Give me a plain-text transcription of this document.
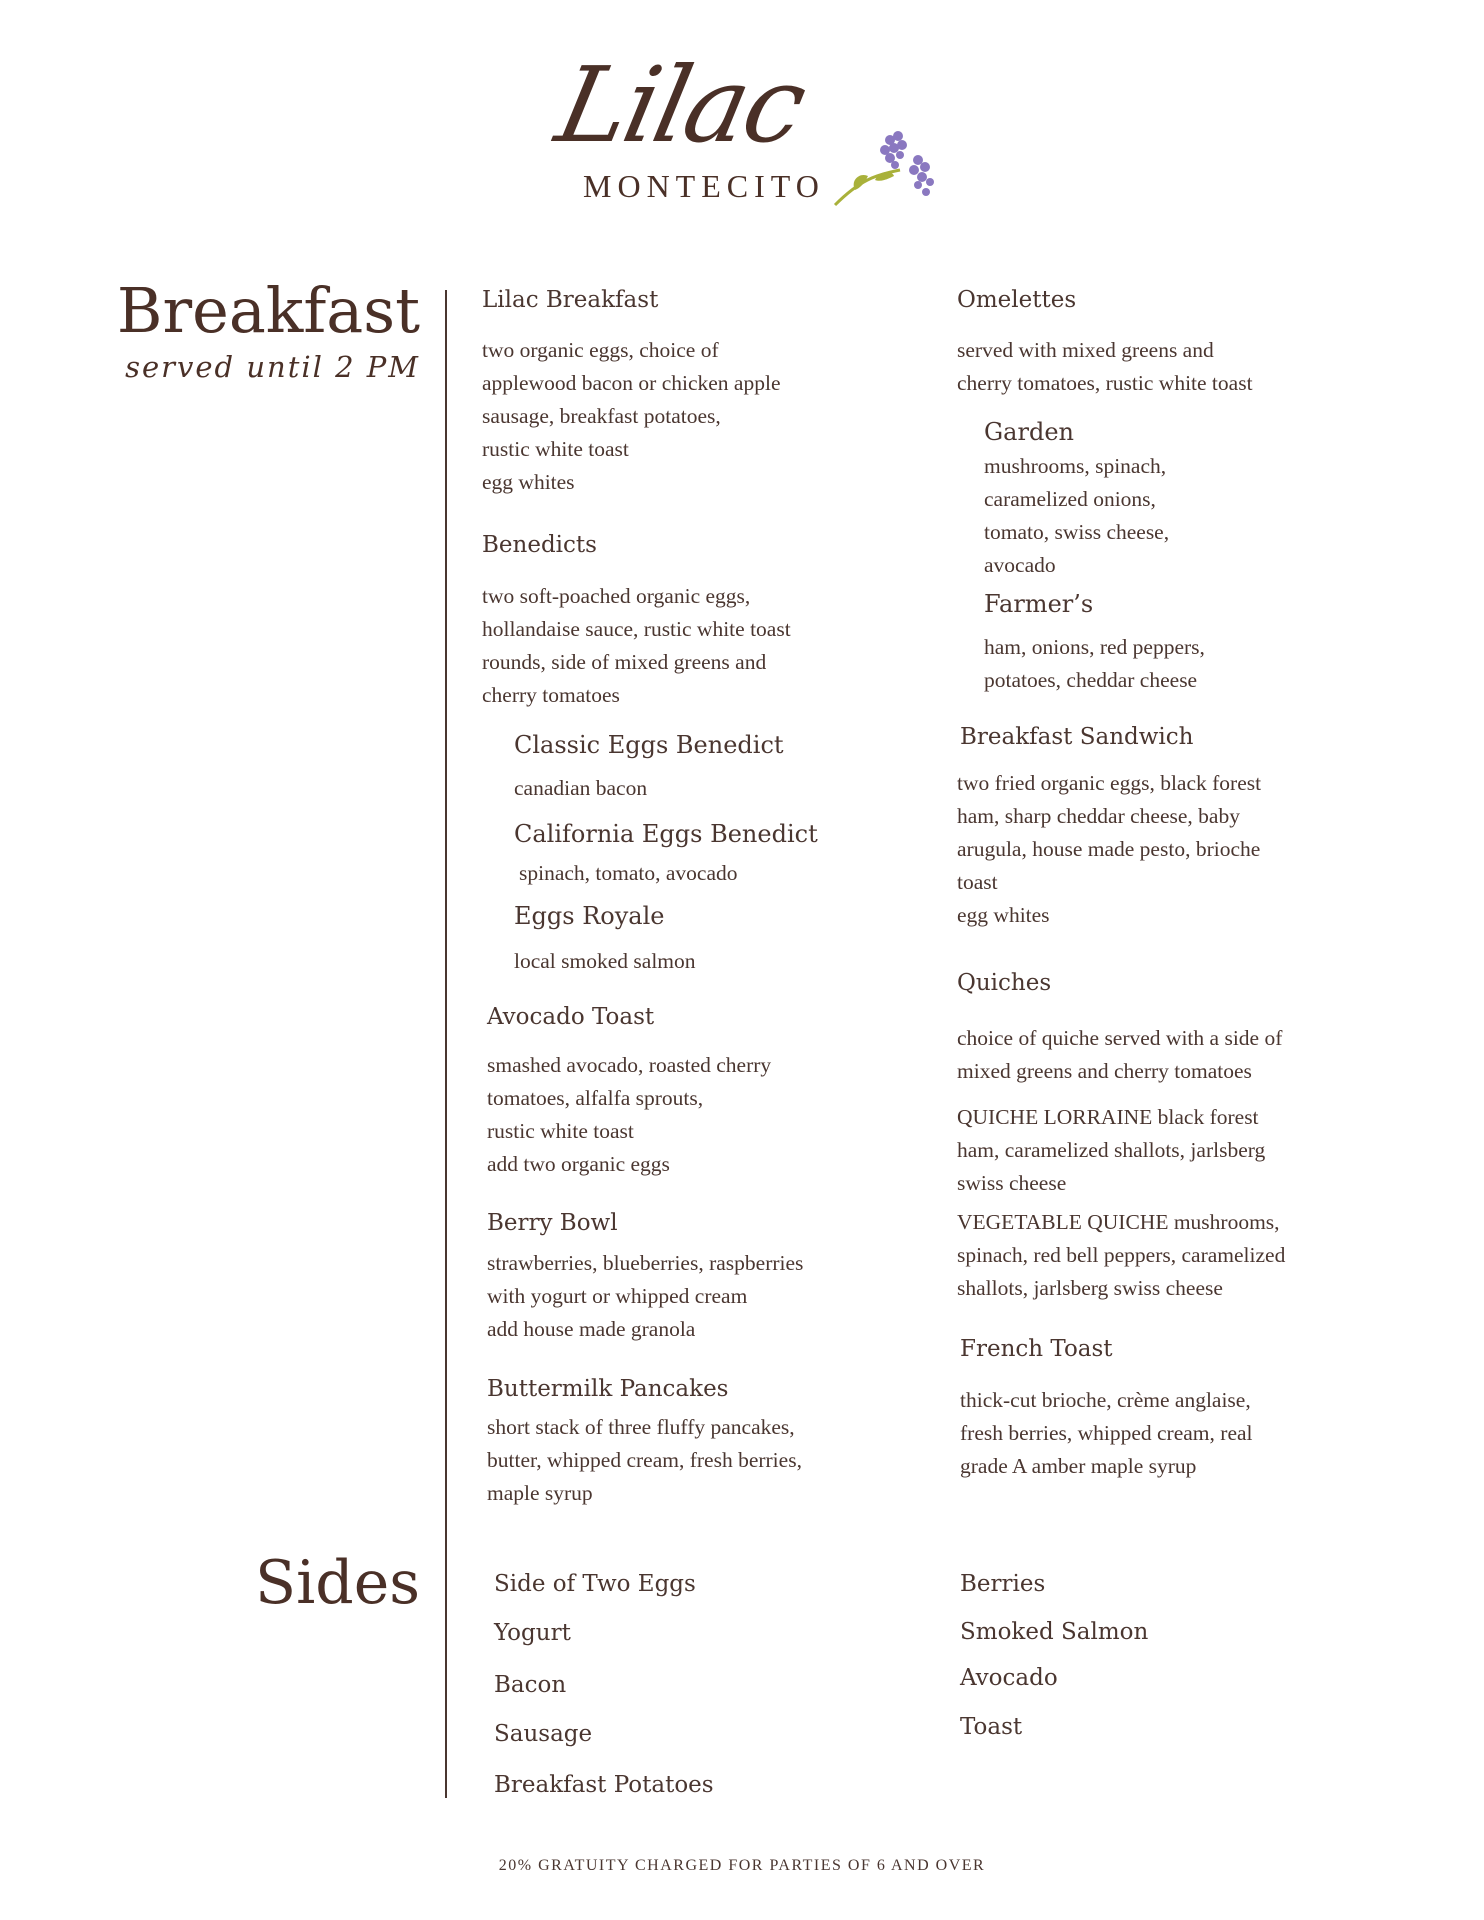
Lilac
MONTECITO
Breakfast
served until 2 PM
Sides
Lilac Breakfast
two organic eggs, choice of
applewood bacon or chicken apple
sausage, breakfast potatoes,
rustic white toast
egg whites
Benedicts
two soft-poached organic eggs,
hollandaise sauce, rustic white toast
rounds, side of mixed greens and
cherry tomatoes
Classic Eggs Benedict
canadian bacon
California Eggs Benedict
spinach, tomato, avocado
Eggs Royale
local smoked salmon
Avocado Toast
smashed avocado, roasted cherry
tomatoes, alfalfa sprouts,
rustic white toast
add two organic eggs
Berry Bowl
strawberries, blueberries, raspberries
with yogurt or whipped cream
add house made granola
Buttermilk Pancakes
short stack of three fluffy pancakes,
butter, whipped cream, fresh berries,
maple syrup
Omelettes
served with mixed greens and
cherry tomatoes, rustic white toast
Garden
mushrooms, spinach,
caramelized onions,
tomato, swiss cheese,
avocado
Farmer’s
ham, onions, red peppers,
potatoes, cheddar cheese
Breakfast Sandwich
two fried organic eggs, black forest
ham, sharp cheddar cheese, baby
arugula, house made pesto, brioche
toast
egg whites
Quiches
choice of quiche served with a side of
mixed greens and cherry tomatoes
QUICHE LORRAINE black forest
ham, caramelized shallots, jarlsberg
swiss cheese
VEGETABLE QUICHE mushrooms,
spinach, red bell peppers, caramelized
shallots, jarlsberg swiss cheese
French Toast
thick-cut brioche, crème anglaise,
fresh berries, whipped cream, real
grade A amber maple syrup
Side of Two Eggs
Yogurt
Bacon
Sausage
Breakfast Potatoes
Berries
Smoked Salmon
Avocado
Toast
20% GRATUITY CHARGED FOR PARTIES OF 6 AND OVER
